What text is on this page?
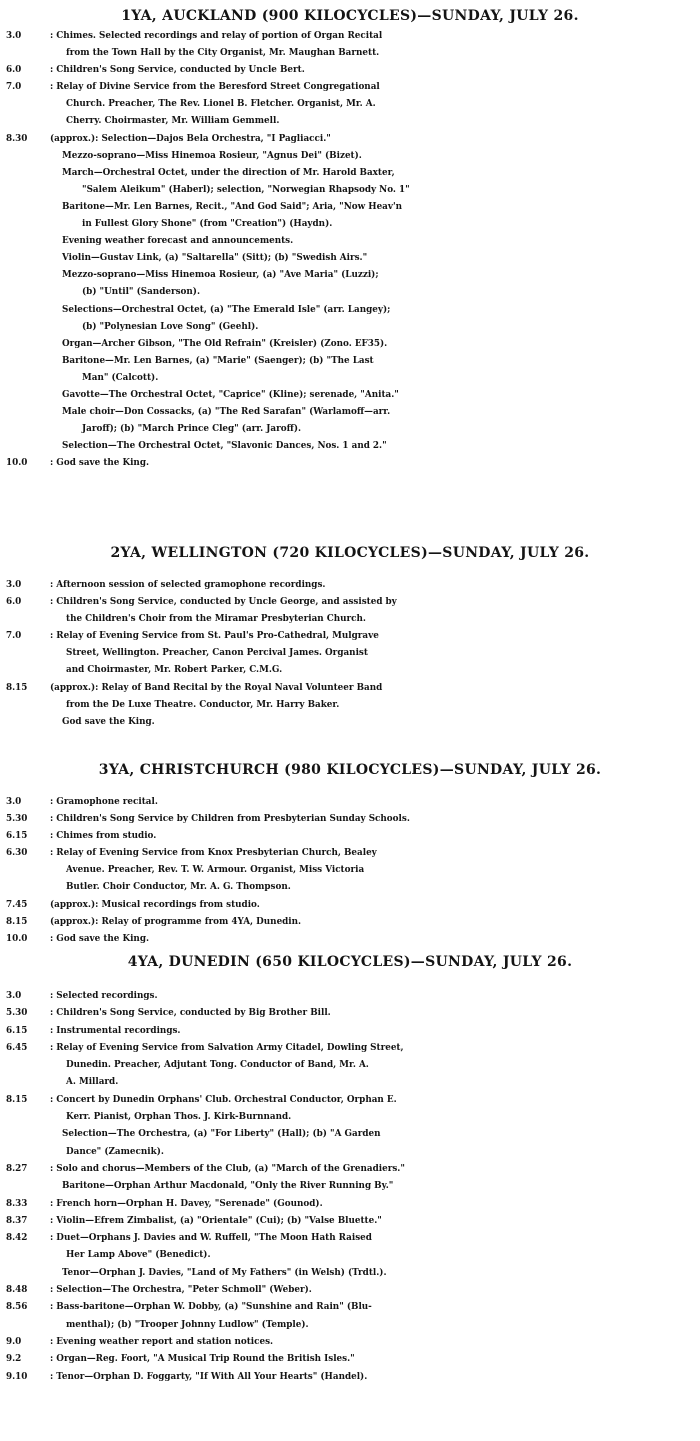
1YA, AUCKLAND (900 KILOCYCLES)—SUNDAY, JULY 26.
3.0	: Chimes. Selected recordings and relay of portion of Organ Recital
from the Town Hall by the City Organist, Mr. Maughan Barnett.
6.0	: Children's Song Service, conducted by Uncle Bert.
7.0	: Relay of Divine Service from the Beresford Street Congregational
Church. Preacher, The Rev. Lionel B. Fletcher. Organist, Mr. A.
Cherry. Choirmaster, Mr. William Gemmell.
8.30	(approx.): Selection—Dajos Bela Orchestra, "I Pagliacci."
Mezzo-soprano—Miss Hinemoa Rosieur, "Agnus Dei" (Bizet).
March—Orchestral Octet, under the direction of Mr. Harold Baxter,
"Salem Aleikum" (Haberl); selection, "Norwegian Rhapsody No. 1"
Baritone—Mr. Len Barnes, Recit., "And God Said"; Aria, "Now Heav'n
in Fullest Glory Shone" (from "Creation") (Haydn).
Evening weather forecast and announcements.
Violin—Gustav Link, (a) "Saltarella" (Sitt); (b) "Swedish Airs."
Mezzo-soprano—Miss Hinemoa Rosieur, (a) "Ave Maria" (Luzzi);
(b) "Until" (Sanderson).
Selections—Orchestral Octet, (a) "The Emerald Isle" (arr. Langey);
(b) "Polynesian Love Song" (Geehl).
Organ—Archer Gibson, "The Old Refrain" (Kreisler) (Zono. EF35).
Baritone—Mr. Len Barnes, (a) "Marie" (Saenger); (b) "The Last
Man" (Calcott).
Gavotte—The Orchestral Octet, "Caprice" (Kline); serenade, "Anita."
Male choir—Don Cossacks, (a) "The Red Sarafan" (Warlamoff—arr.
Jaroff); (b) "March Prince Cleg" (arr. Jaroff).
Selection—The Orchestral Octet, "Slavonic Dances, Nos. 1 and 2."
10.0	: God save the King.
2YA, WELLINGTON (720 KILOCYCLES)—SUNDAY, JULY 26.
3.0	: Afternoon session of selected gramophone recordings.
6.0	: Children's Song Service, conducted by Uncle George, and assisted by
the Children's Choir from the Miramar Presbyterian Church.
7.0	: Relay of Evening Service from St. Paul's Pro-Cathedral, Mulgrave
Street, Wellington. Preacher, Canon Percival James. Organist
and Choirmaster, Mr. Robert Parker, C.M.G.
8.15	(approx.): Relay of Band Recital by the Royal Naval Volunteer Band
from the De Luxe Theatre. Conductor, Mr. Harry Baker.
God save the King.
3YA, CHRISTCHURCH (980 KILOCYCLES)—SUNDAY, JULY 26.
3.0	: Gramophone recital.
5.30	: Children's Song Service by Children from Presbyterian Sunday Schools.
6.15	: Chimes from studio.
6.30	: Relay of Evening Service from Knox Presbyterian Church, Bealey
Avenue. Preacher, Rev. T. W. Armour. Organist, Miss Victoria
Butler. Choir Conductor, Mr. A. G. Thompson.
7.45	(approx.): Musical recordings from studio.
8.15	(approx.): Relay of programme from 4YA, Dunedin.
10.0	: God save the King.
4YA, DUNEDIN (650 KILOCYCLES)—SUNDAY, JULY 26.
3.0	: Selected recordings.
5.30	: Children's Song Service, conducted by Big Brother Bill.
6.15	: Instrumental recordings.
6.45	: Relay of Evening Service from Salvation Army Citadel, Dowling Street,
Dunedin. Preacher, Adjutant Tong. Conductor of Band, Mr. A.
A. Millard.
8.15	: Concert by Dunedin Orphans' Club. Orchestral Conductor, Orphan E.
Kerr. Pianist, Orphan Thos. J. Kirk-Burnnand.
Selection—The Orchestra, (a) "For Liberty" (Hall); (b) "A Garden
Dance" (Zamecnik).
8.27	: Solo and chorus—Members of the Club, (a) "March of the Grenadiers."
Baritone—Orphan Arthur Macdonald, "Only the River Running By."
8.33	: French horn—Orphan H. Davey, "Serenade" (Gounod).
8.37	: Violin—Efrem Zimbalist, (a) "Orientale" (Cui); (b) "Valse Bluette."
8.42	: Duet—Orphans J. Davies and W. Ruffell, "The Moon Hath Raised
Her Lamp Above" (Benedict).
Tenor—Orphan J. Davies, "Land of My Fathers" (in Welsh) (Trdtl.).
8.48	: Selection—The Orchestra, "Peter Schmoll" (Weber).
8.56	: Bass-baritone—Orphan W. Dobby, (a) "Sunshine and Rain" (Blu-
menthal); (b) "Trooper Johnny Ludlow" (Temple).
9.0	: Evening weather report and station notices.
9.2	: Organ—Reg. Foort, "A Musical Trip Round the British Isles."
9.10	: Tenor—Orphan D. Foggarty, "If With All Your Hearts" (Handel).
